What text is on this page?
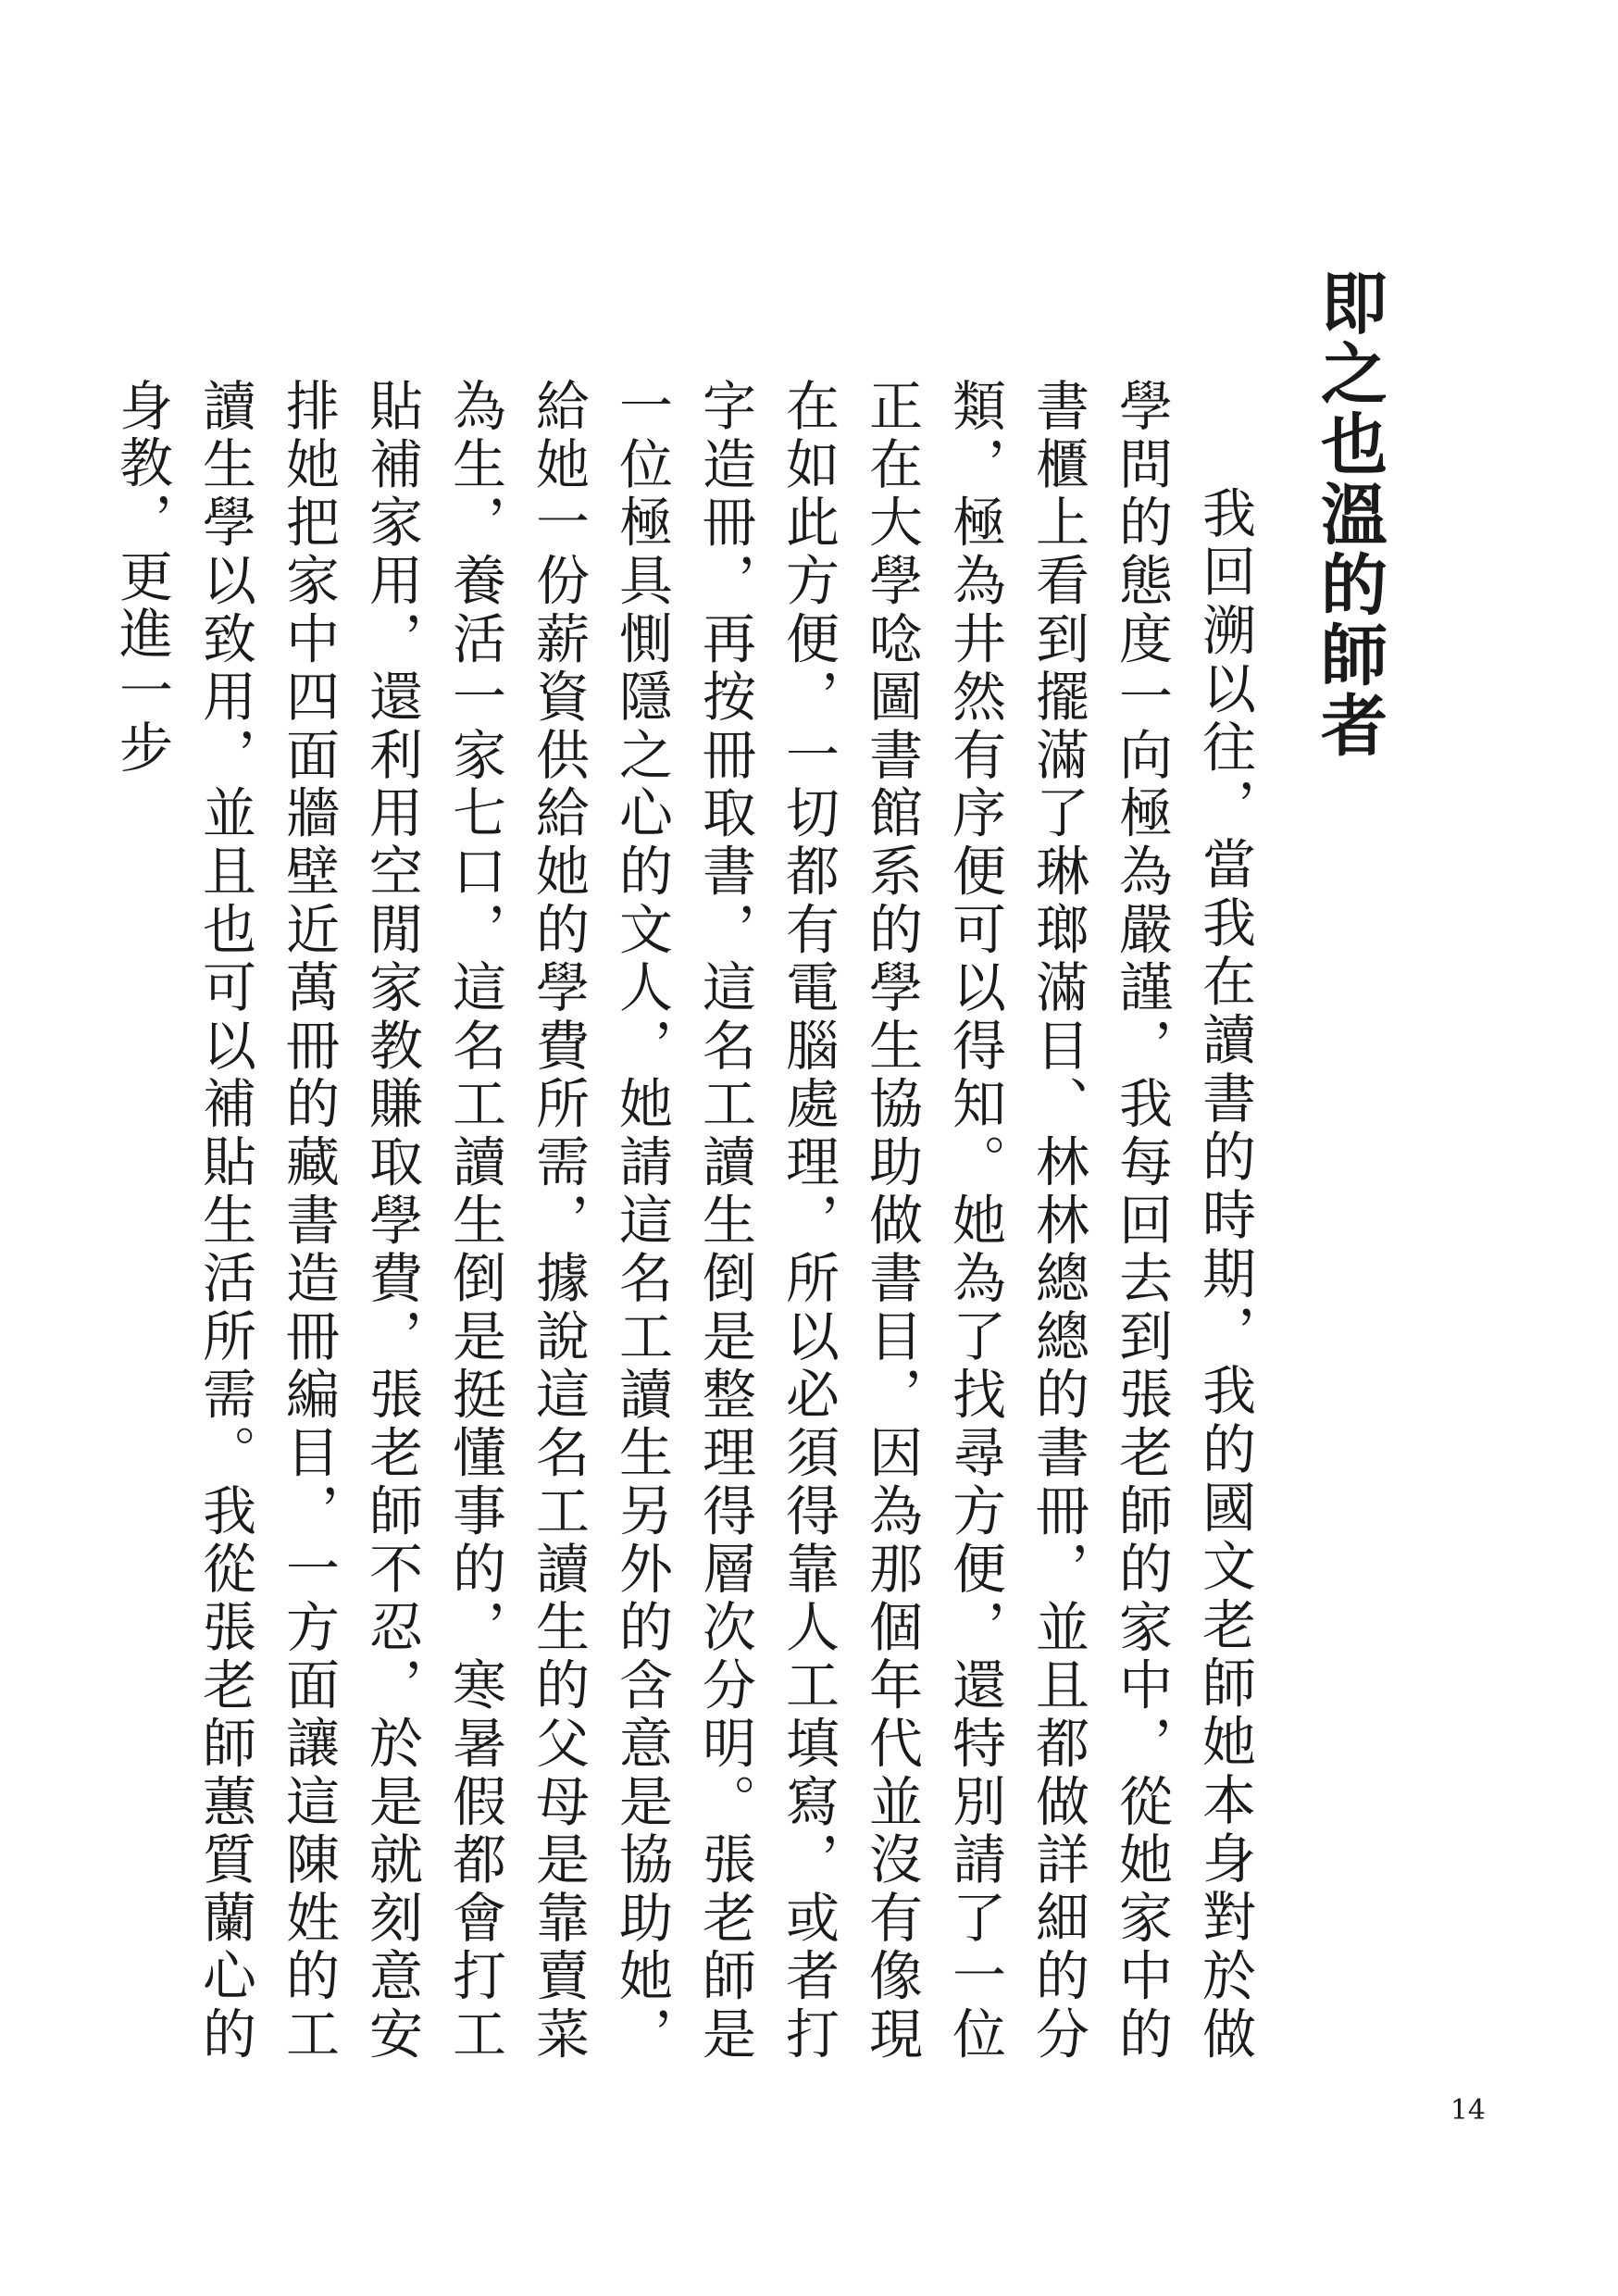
即之也溫的師者

我回溯以往，當我在讀書的時期，我的國文老師她本身對於做學問的態度一向極為嚴謹，我每回去到張老師的家中，從她家中的書櫃上看到擺滿了琳瑯滿目、林林總總的書冊，並且都做詳細的分類，極為井然有序便可以得知。她為了找尋方便，還特別請了一位正在大學唸圖書館系的學生協助做書目，因為那個年代並沒有像現在如此方便，一切都有電腦處理，所以必須得靠人工填寫，或者打字造冊，再按冊取書，這名工讀生倒是整理得層次分明。張老師是一位極具惻隱之心的文人，她請這名工讀生另外的含意是協助她，給她一份薪資供給她的學費所需，據說這名工讀生的父母是靠賣菜為生，養活一家七口，這名工讀生倒是挺懂事的，寒暑假都會打工貼補家用，還利用空閒家教賺取學費，張老師不忍，於是就刻意安排她把家中四面牆壁近萬冊的藏書造冊編目，一方面讓這陳姓的工讀生學以致用，並且也可以補貼生活所需。我從張老師蕙質蘭心的身教，更進一步

14
